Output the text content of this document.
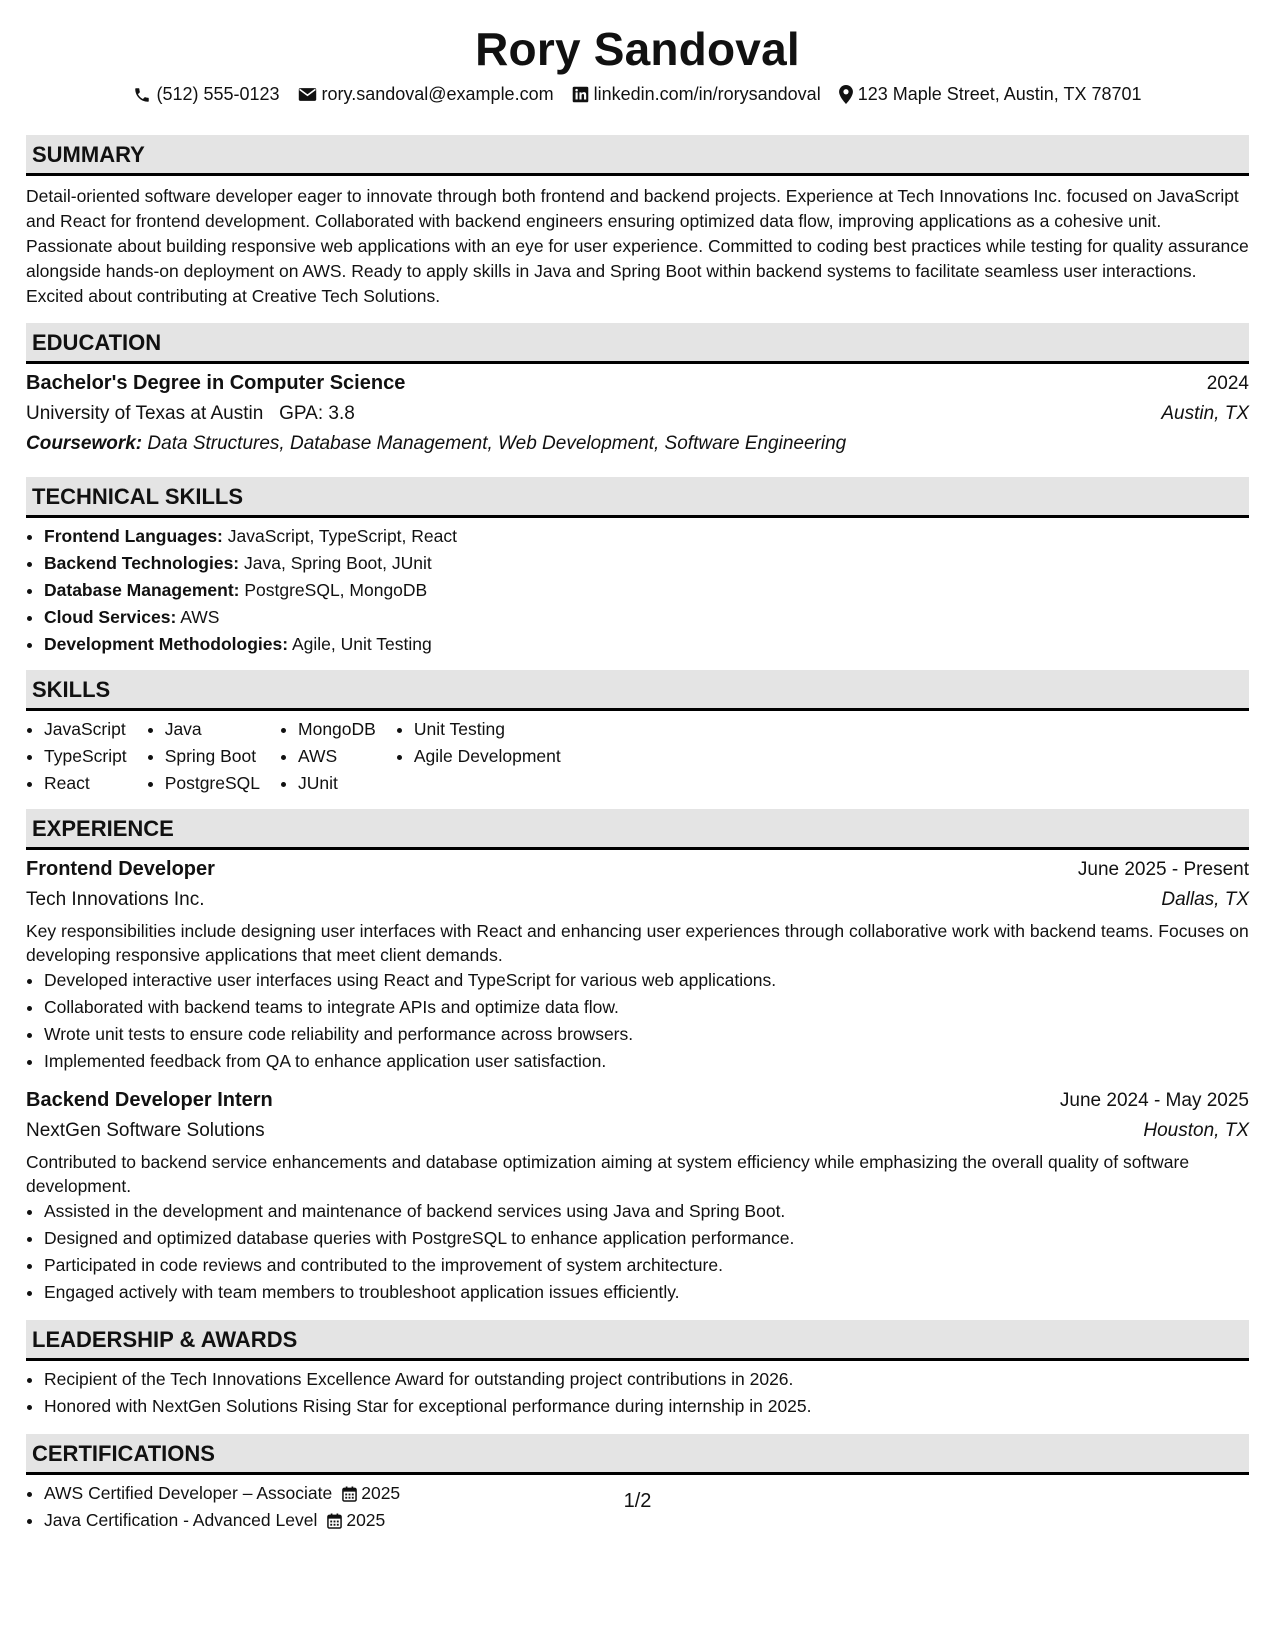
Rory Sandoval
(512) 555-0123 rory.sandoval@example.com linkedin.com/in/rorysandoval 123 Maple Street, Austin, TX 78701
SUMMARY
Detail-oriented software developer eager to innovate through both frontend and backend projects. Experience at Tech Innovations Inc. focused on JavaScript and React for frontend development. Collaborated with backend engineers ensuring optimized data flow, improving applications as a cohesive unit. Passionate about building responsive web applications with an eye for user experience. Committed to coding best practices while testing for quality assurance alongside hands-on deployment on AWS. Ready to apply skills in Java and Spring Boot within backend systems to facilitate seamless user interactions. Excited about contributing at Creative Tech Solutions.
EDUCATION
Bachelor's Degree in Computer Science	2024
University of Texas at Austin GPA: 3.8	Austin, TX
Coursework: Data Structures, Database Management, Web Development, Software Engineering
TECHNICAL SKILLS
• Frontend Languages: JavaScript, TypeScript, React
• Backend Technologies: Java, Spring Boot, JUnit
• Database Management: PostgreSQL, MongoDB
• Cloud Services: AWS
• Development Methodologies: Agile, Unit Testing
SKILLS
• JavaScript
• TypeScript
• React
• Java
• Spring Boot
• PostgreSQL
• MongoDB
• AWS
• JUnit
• Unit Testing
• Agile Development
EXPERIENCE
Frontend Developer	June 2025 - Present
Tech Innovations Inc.	Dallas, TX
Key responsibilities include designing user interfaces with React and enhancing user experiences through collaborative work with backend teams. Focuses on developing responsive applications that meet client demands.
• Developed interactive user interfaces using React and TypeScript for various web applications.
• Collaborated with backend teams to integrate APIs and optimize data flow.
• Wrote unit tests to ensure code reliability and performance across browsers.
• Implemented feedback from QA to enhance application user satisfaction.
Backend Developer Intern	June 2024 - May 2025
NextGen Software Solutions	Houston, TX
Contributed to backend service enhancements and database optimization aiming at system efficiency while emphasizing the overall quality of software development.
• Assisted in the development and maintenance of backend services using Java and Spring Boot.
• Designed and optimized database queries with PostgreSQL to enhance application performance.
• Participated in code reviews and contributed to the improvement of system architecture.
• Engaged actively with team members to troubleshoot application issues efficiently.
LEADERSHIP & AWARDS
• Recipient of the Tech Innovations Excellence Award for outstanding project contributions in 2026.
• Honored with NextGen Solutions Rising Star for exceptional performance during internship in 2025.
CERTIFICATIONS
• AWS Certified Developer – Associate 2025
• Java Certification - Advanced Level 2025
1/2
